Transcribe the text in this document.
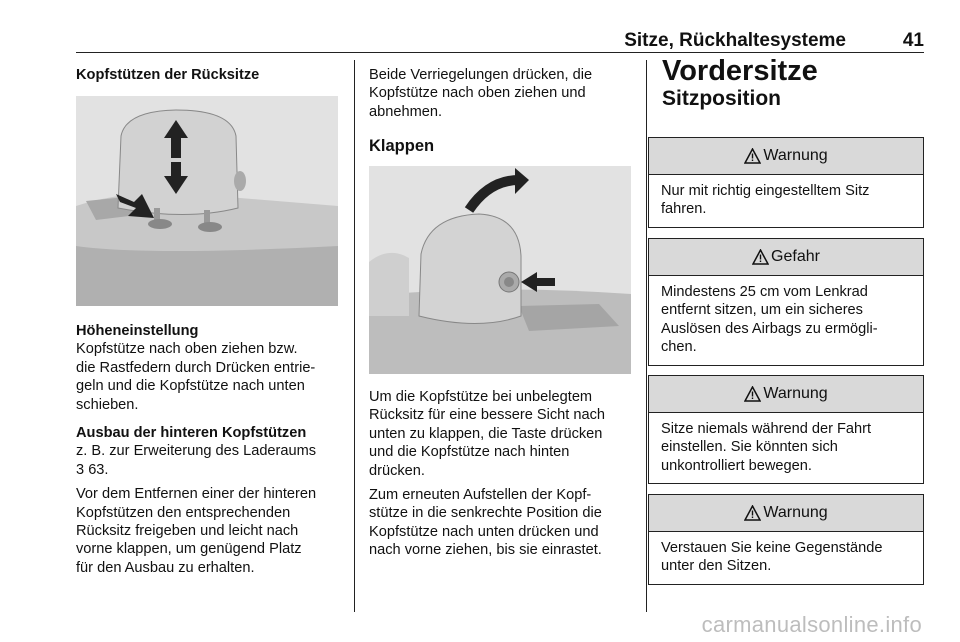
Sitze, Rückhaltesysteme	41

Kopfstützen der Rücksitze

Höheneinstellung

Kopfstütze nach oben ziehen bzw.
die Rastfedern durch Drücken entrie-
geln und die Kopfstütze nach unten
schieben.

Ausbau der hinteren Kopfstützen

z. B. zur Erweiterung des Laderaums
3 63.

Vor dem Entfernen einer der hinteren
Kopfstützen den entsprechenden
Rücksitz freigeben und leicht nach
vorne klappen, um genügend Platz
für den Ausbau zu erhalten.

Beide Verriegelungen drücken, die
Kopfstütze nach oben ziehen und
abnehmen.

Klappen

Um die Kopfstütze bei unbelegtem
Rücksitz für eine bessere Sicht nach
unten zu klappen, die Taste drücken
und die Kopfstütze nach hinten
drücken.

Zum erneuten Aufstellen der Kopf-
stütze in die senkrechte Position die
Kopfstütze nach unten drücken und
nach vorne ziehen, bis sie einrastet.

Vordersitze

Sitzposition

Warnung
Nur mit richtig eingestelltem Sitz
fahren.
Gefahr
Mindestens 25 cm vom Lenkrad
entfernt sitzen, um ein sicheres
Auslösen des Airbags zu ermögli-
chen.
Warnung
Sitze niemals während der Fahrt
einstellen. Sie könnten sich
unkontrolliert bewegen.
Warnung
Verstauen Sie keine Gegenstände
unter den Sitzen.
carmanualsonline.info
